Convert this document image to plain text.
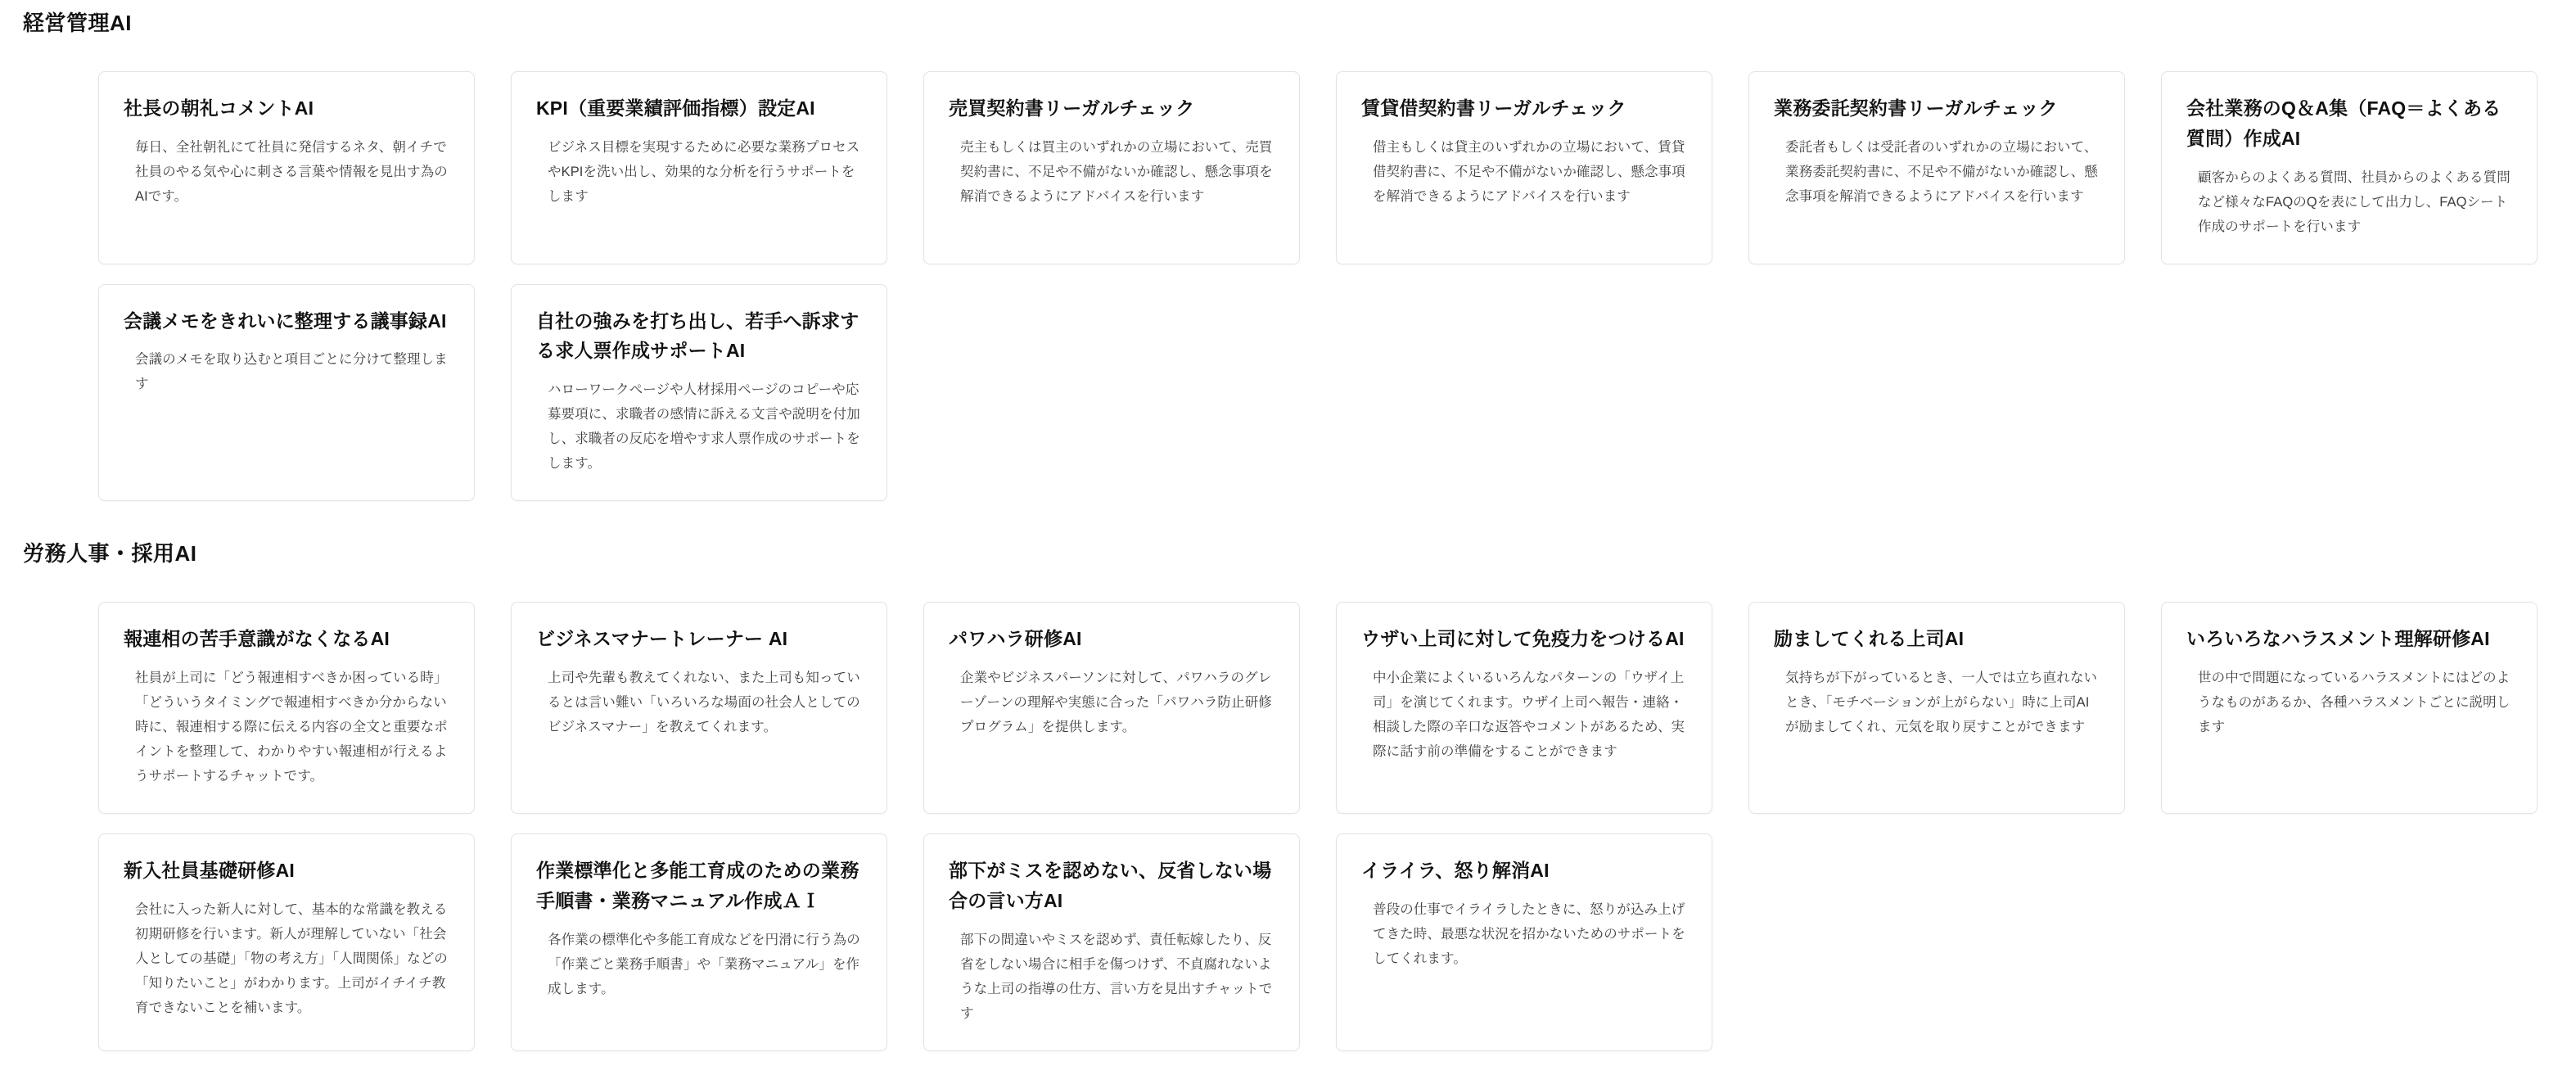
経営管理AI
社長の朝礼コメントAI
毎日、全社朝礼にて社員に発信するネタ、朝イチで社員のやる気や心に刺さる言葉や情報を見出す為のAIです。
KPI（重要業績評価指標）設定AI
ビジネス目標を実現するために必要な業務プロセスやKPIを洗い出し、効果的な分析を行うサポートをします
売買契約書リーガルチェック
売主もしくは買主のいずれかの立場において、売買契約書に、不足や不備がないか確認し、懸念事項を解消できるようにアドバイスを行います
賃貸借契約書リーガルチェック
借主もしくは貸主のいずれかの立場において、賃貸借契約書に、不足や不備がないか確認し、懸念事項を解消できるようにアドバイスを行います
業務委託契約書リーガルチェック
委託者もしくは受託者のいずれかの立場において、業務委託契約書に、不足や不備がないか確認し、懸念事項を解消できるようにアドバイスを行います
会社業務のQ＆A集（FAQ＝よくある質問）作成AI
顧客からのよくある質問、社員からのよくある質問など様々なFAQのQを表にして出力し、FAQシート作成のサポートを行います
会議メモをきれいに整理する議事録AI
会議のメモを取り込むと項目ごとに分けて整理します
自社の強みを打ち出し、若手へ訴求する求人票作成サポートAI
ハローワークページや人材採用ページのコピーや応募要項に、求職者の感情に訴える文言や説明を付加し、求職者の反応を増やす求人票作成のサポートをします。
労務人事・採用AI
報連相の苦手意識がなくなるAI
社員が上司に「どう報連相すべきか困っている時」「どういうタイミングで報連相すべきか分からない時に、報連相する際に伝える内容の全文と重要なポイントを整理して、わかりやすい報連相が行えるようサポートするチャットです。
ビジネスマナートレーナー AI
上司や先輩も教えてくれない、また上司も知っているとは言い難い「いろいろな場面の社会人としてのビジネスマナー」を教えてくれます。
パワハラ研修AI
企業やビジネスパーソンに対して、パワハラのグレーゾーンの理解や実態に合った「パワハラ防止研修プログラム」を提供します。
ウザい上司に対して免疫力をつけるAI
中小企業によくいるいろんなパターンの「ウザイ上司」を演じてくれます。ウザイ上司へ報告・連絡・相談した際の辛口な返答やコメントがあるため、実際に話す前の準備をすることができます
励ましてくれる上司AI
気持ちが下がっているとき、一人では立ち直れないとき、「モチベーションが上がらない」時に上司AIが励ましてくれ、元気を取り戻すことができます
いろいろなハラスメント理解研修AI
世の中で問題になっているハラスメントにはどのようなものがあるか、各種ハラスメントごとに説明します
新入社員基礎研修AI
会社に入った新人に対して、基本的な常識を教える初期研修を行います。新人が理解していない「社会人としての基礎」「物の考え方」「人間関係」などの「知りたいこと」がわかります。上司がイチイチ教育できないことを補います。
作業標準化と多能工育成のための業務手順書・業務マニュアル作成ＡＩ
各作業の標準化や多能工育成などを円滑に行う為の「作業ごと業務手順書」や「業務マニュアル」を作成します。
部下がミスを認めない、反省しない場合の言い方AI
部下の間違いやミスを認めず、責任転嫁したり、反省をしない場合に相手を傷つけず、不貞腐れないような上司の指導の仕方、言い方を見出すチャットです
イライラ、怒り解消AI
普段の仕事でイライラしたときに、怒りが込み上げてきた時、最悪な状況を招かないためのサポートをしてくれます。
